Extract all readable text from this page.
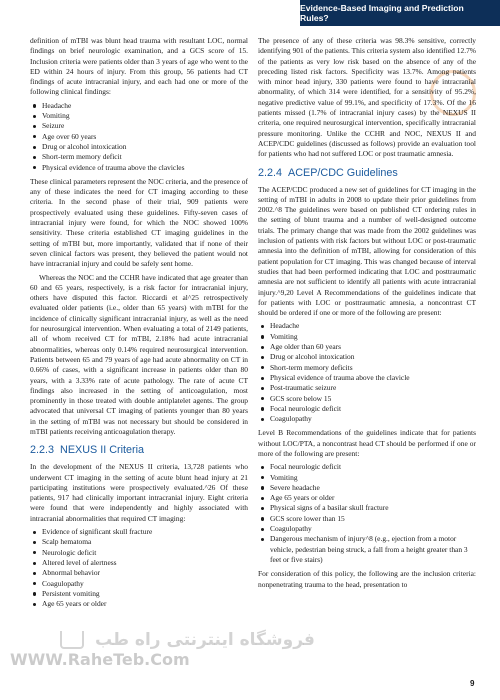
Evidence-Based Imaging and Prediction Rules?

definition of mTBI was blunt head trauma with resultant LOC, normal findings on brief neurologic examination, and a GCS score of 15. Inclusion criteria were patients older than 3 years of age who went to the ED within 24 hours of injury. From this group, 56 patients had CT findings of acute intracranial injury, and each had one or more of the following clinical findings:

Headache
Vomiting
Seizure
Age over 60 years
Drug or alcohol intoxication
Short-term memory deficit
Physical evidence of trauma above the clavicles

These clinical parameters represent the NOC criteria, and the presence of any of these indicates the need for CT imaging according to these criteria. In the second phase of their trial, 909 patients were prospectively evaluated using these guidelines. Fifty-seven cases of intracranial injury were found, for which the NOC showed 100% sensitivity. These criteria established CT imaging guidelines in the setting of mTBI but, more importantly, validated that if none of their seven clinical factors was present, they believed the patient would not have intracranial injury and could be safely sent home.

Whereas the NOC and the CCHR have indicated that age greater than 60 and 65 years, respectively, is a risk factor for intracranial injury, others have disputed this factor. Riccardi et al^25 retrospectively evaluated older patients (i.e., older than 65 years) with mTBI for the incidence of clinically significant intracranial injury, as well as the need for neurosurgical intervention. When evaluating a total of 2149 patients, all of whom received CT for mTBI, 2.18% had acute intracranial abnormalities, whereas only 0.14% required neurosurgical intervention. Patients between 65 and 79 years of age had acute abnormality on CT in 0.66% of cases, with a significant increase in patients older than 80 years, with a 3.33% rate of acute pathology. The rate of acute CT findings also increased in the setting of anticoagulation, most prominently in those treated with double antiplatelet agents. The group advocated that universal CT imaging of patients younger than 80 years in the setting of mTBI was not necessary but should be considered in mTBI patients receiving anticoagulation therapy.

2.2.3 NEXUS II Criteria

In the development of the NEXUS II criteria, 13,728 patients who underwent CT imaging in the setting of acute blunt head injury at 21 participating institutions were prospectively evaluated.^26 Of these patients, 917 had clinically important intracranial injury. Eight criteria were found that were independently and highly associated with intracranial abnormalities that required CT imaging:

Evidence of significant skull fracture
Scalp hematoma
Neurologic deficit
Altered level of alertness
Abnormal behavior
Coagulopathy
Persistent vomiting
Age 65 years or older

The presence of any of these criteria was 98.3% sensitive, correctly identifying 901 of the patients. This criteria system also identified 12.7% of the patients as very low risk based on the absence of any of the preceding listed risk factors. Specificity was 13.7%. Among patients with minor head injury, 330 patients were found to have intracranial abnormality, of which 314 were identified, for a sensitivity of 95.2%, negative predictive value of 99.1%, and specificity of 17.3%. Of the 16 patients missed (1.7% of intracranial injury cases) by the NEXUS II criteria, one required neurosurgical intervention, specifically intracranial pressure monitoring. Unlike the CCHR and NOC, NEXUS II and ACEP/CDC guidelines (discussed as follows) provide an evaluation tool for patients who had not suffered LOC or post traumatic amnesia.

2.2.4 ACEP/CDC Guidelines

The ACEP/CDC produced a new set of guidelines for CT imaging in the setting of mTBI in adults in 2008 to update their prior guidelines from 2002.^8 The guidelines were based on published CT ordering rules in the setting of blunt trauma and a number of well-designed outcome trials. The primary change that was made from the 2002 guidelines was inclusion of patients with risk factors but without LOC or post-traumatic amnesia into the definition of mTBI, allowing for consideration of this patient population for CT imaging. This was changed because of interval studies that had been performed indicating that LOC and posttraumatic amnesia are not sufficient to identify all patients with acute intracranial injury.^9,20 Level A Recommendations of the guidelines indicate that for patients with LOC or posttraumatic amnesia, a noncontrast CT should be ordered if one or more of the following are present:

Headache
Vomiting
Age older than 60 years
Drug or alcohol intoxication
Short-term memory deficits
Physical evidence of trauma above the clavicle
Post-traumatic seizure
GCS score below 15
Focal neurologic deficit
Coagulopathy

Level B Recommendations of the guidelines indicate that for patients without LOC/PTA, a noncontrast head CT should be performed if one or more of the following are present:

Focal neurologic deficit
Vomiting
Severe headache
Age 65 years or older
Physical signs of a basilar skull fracture
GCS score lower than 15
Coagulopathy
Dangerous mechanism of injury^8 (e.g., ejection from a motor vehicle, pedestrian being struck, a fall from a height greater than 3 feet or five stairs)

For consideration of this policy, the following are the inclusion criteria: nonpenetrating trauma to the head, presentation to

فروشگاه اینترنتی راه طب
WWW.RaheTeb.Com
9
